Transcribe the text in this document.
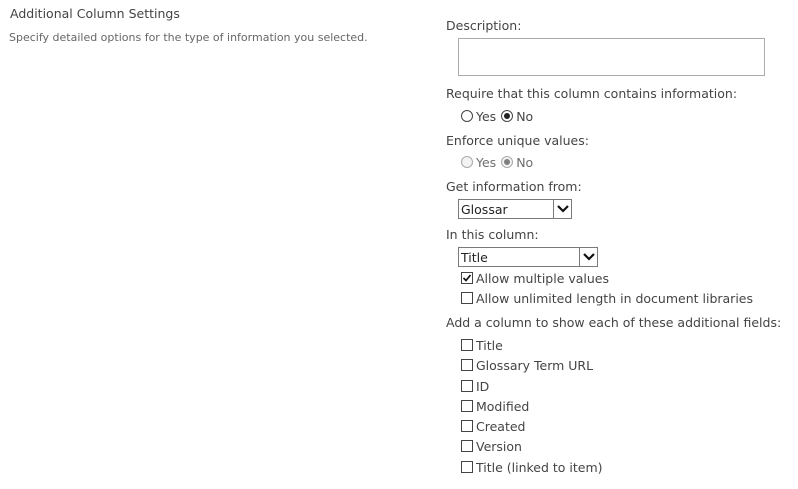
Additional Column Settings
Specify detailed options for the type of information you selected.
Description:
Require that this column contains information:
Yes No
Enforce unique values:
Yes No
Get information from:
Glossar
In this column:
Title
Allow multiple values
Allow unlimited length in document libraries
Add a column to show each of these additional fields:
Title
Glossary Term URL
ID
Modified
Created
Version
Title (linked to item)
